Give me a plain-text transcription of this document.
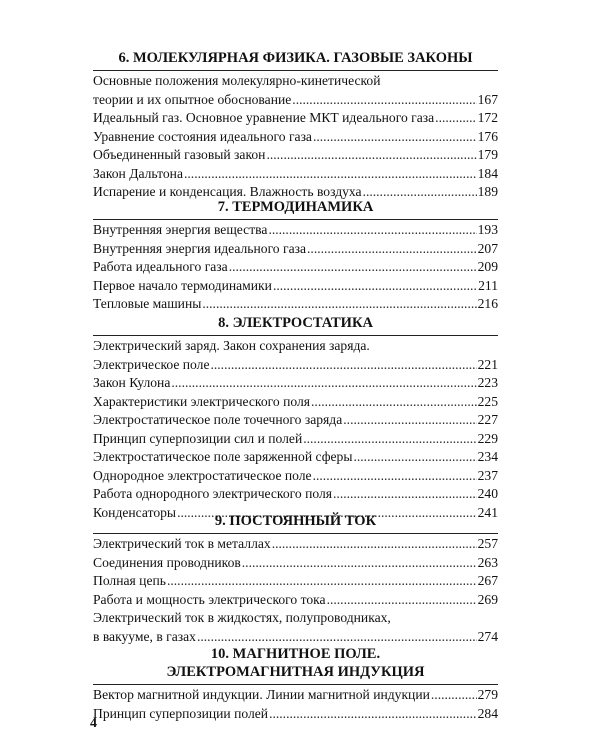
6. МОЛЕКУЛЯРНАЯ ФИЗИКА. ГАЗОВЫЕ ЗАКОНЫ
Основные положения молекулярно-кинетической
теории и их опытное обоснование .....	167
Идеальный газ. Основное уравнение МКТ идеального газа .....	172
Уравнение состояния идеального газа .....	176
Объединенный газовый закон .....	179
Закон Дальтона .....	184
Испарение и конденсация. Влажность воздуха .....	189
7. ТЕРМОДИНАМИКА
Внутренняя энергия вещества .....	193
Внутренняя энергия идеального газа .....	207
Работа идеального газа .....	209
Первое начало термодинамики .....	211
Тепловые машины .....	216
8. ЭЛЕКТРОСТАТИКА
Электрический заряд. Закон сохранения заряда.
Электрическое поле .....	221
Закон Кулона .....	223
Характеристики электрического поля .....	225
Электростатическое поле точечного заряда .....	227
Принцип суперпозиции сил и полей .....	229
Электростатическое поле заряженной сферы .....	234
Однородное электростатическое поле .....	237
Работа однородного электрического поля .....	240
Конденсаторы .....	241
9. ПОСТОЯННЫЙ ТОК
Электрический ток в металлах .....	257
Соединения проводников .....	263
Полная цепь .....	267
Работа и мощность электрического тока .....	269
Электрический ток в жидкостях, полупроводниках,
в вакууме, в газах .....	274
10. МАГНИТНОЕ ПОЛЕ.
ЭЛЕКТРОМАГНИТНАЯ ИНДУКЦИЯ
Вектор магнитной индукции. Линии магнитной индукции .....	279
Принцип суперпозиции полей .....	284
4
